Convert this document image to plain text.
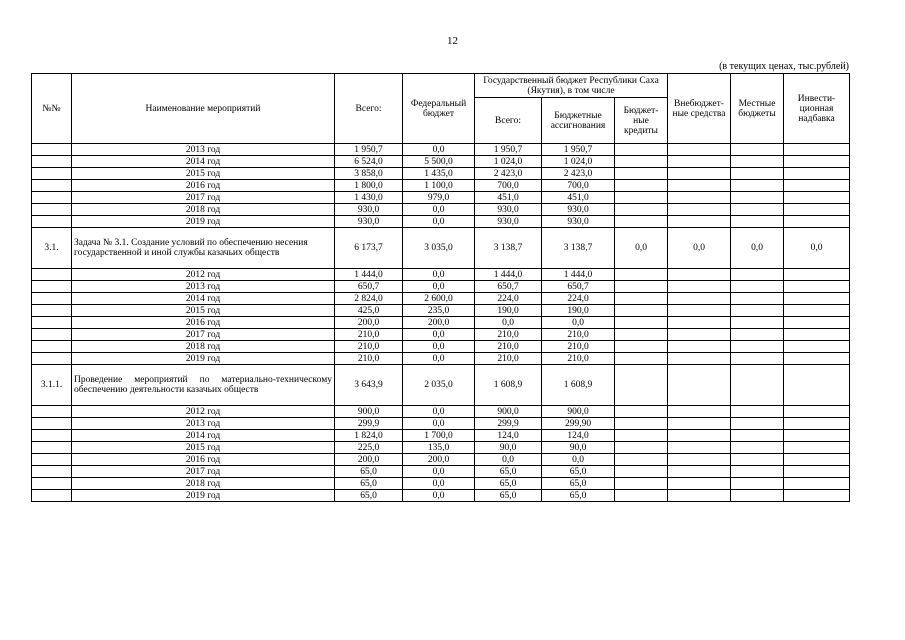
12
(в текущих ценах, тыс.рублей)
№№	Наименование мероприятий	Всего:	Федеральный бюджет	Государственный бюджет Республики Саха (Якутия), в том числе			Внебюджет-ные средства	Местные бюджеты	Инвести-ционная надбавка
				Всего:	Бюджетные ассигнования	Бюджет-ные кредиты			
	2013 год	1 950,7	0,0	1 950,7	1 950,7				
	2014 год	6 524,0	5 500,0	1 024,0	1 024,0				
	2015 год	3 858,0	1 435,0	2 423,0	2 423,0				
	2016 год	1 800,0	1 100,0	700,0	700,0				
	2017 год	1 430,0	979,0	451,0	451,0				
	2018 год	930,0	0,0	930,0	930,0				
	2019 год	930,0	0,0	930,0	930,0				
3.1.	Задача № 3.1. Создание условий по обеспечению несения государственной и иной службы казачьих обществ	6 173,7	3 035,0	3 138,7	3 138,7	0,0	0,0	0,0	0,0
	2012 год	1 444,0	0,0	1 444,0	1 444,0				
	2013 год	650,7	0,0	650,7	650,7				
	2014 год	2 824,0	2 600,0	224,0	224,0				
	2015 год	425,0	235,0	190,0	190,0				
	2016 год	200,0	200,0	0,0	0,0				
	2017 год	210,0	0,0	210,0	210,0				
	2018 год	210,0	0,0	210,0	210,0				
	2019 год	210,0	0,0	210,0	210,0				
3.1.1.	Проведение мероприятий по материально-техническому обеспечению деятельности казачьих обществ	3 643,9	2 035,0	1 608,9	1 608,9				
	2012 год	900,0	0,0	900,0	900,0				
	2013 год	299,9	0,0	299,9	299,90				
	2014 год	1 824,0	1 700,0	124,0	124,0				
	2015 год	225,0	135,0	90,0	90,0				
	2016 год	200,0	200,0	0,0	0,0				
	2017 год	65,0	0,0	65,0	65,0				
	2018 год	65,0	0,0	65,0	65,0				
	2019 год	65,0	0,0	65,0	65,0				
